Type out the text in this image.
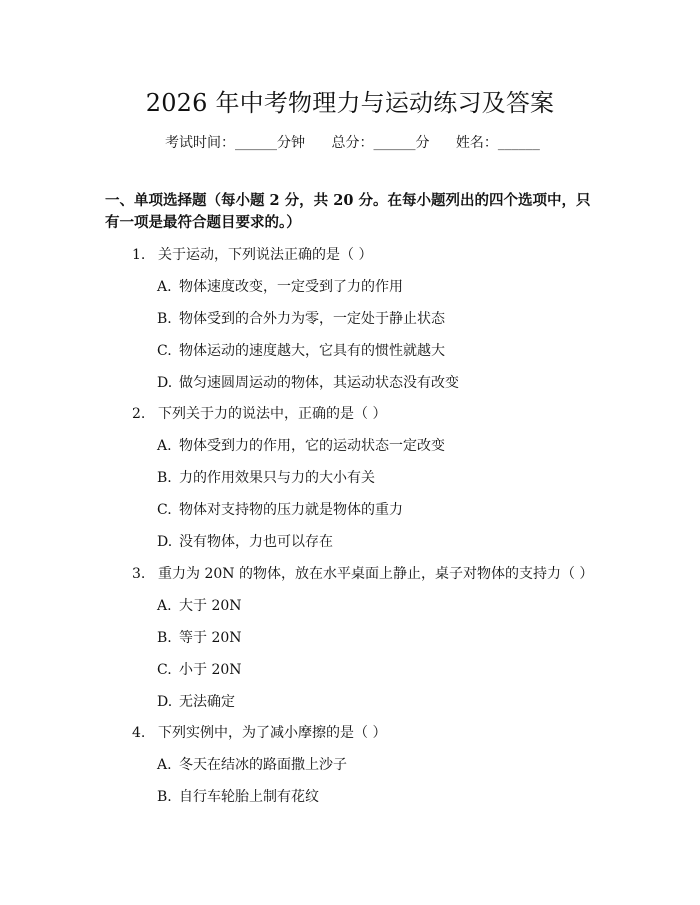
2026 年中考物理力与运动练习及答案
考试时间：______分钟 总分：______分 姓名：______
一、单项选择题（每小题 2 分，共 20 分。在每小题列出的四个选项中，只有一项是最符合题目要求的。）
1. 关于运动，下列说法正确的是（ ）
A. 物体速度改变，一定受到了力的作用
B. 物体受到的合外力为零，一定处于静止状态
C. 物体运动的速度越大，它具有的惯性就越大
D. 做匀速圆周运动的物体，其运动状态没有改变
2. 下列关于力的说法中，正确的是（ ）
A. 物体受到力的作用，它的运动状态一定改变
B. 力的作用效果只与力的大小有关
C. 物体对支持物的压力就是物体的重力
D. 没有物体，力也可以存在
3. 重力为 20N 的物体，放在水平桌面上静止，桌子对物体的支持力（ ）
A. 大于 20N
B. 等于 20N
C. 小于 20N
D. 无法确定
4. 下列实例中，为了减小摩擦的是（ ）
A. 冬天在结冰的路面撒上沙子
B. 自行车轮胎上制有花纹
